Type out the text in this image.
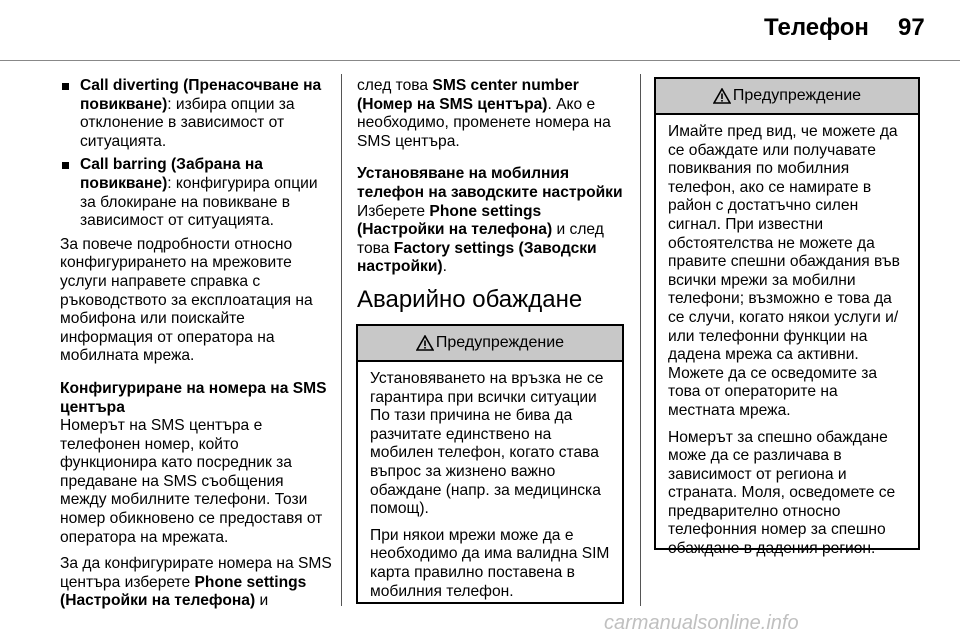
Телефон 97
Call diverting (Пренасочване на повикване): избира опции за отклонение в зависимост от ситуацията.
Call barring (Забрана на повикване): конфигурира опции за блокиране на повикване в зависимост от ситуацията.

За повече подробности относно конфигурирането на мрежовите услуги направете справка с ръководството за експлоатация на мобифона или поискайте информация от оператора на мобилната мрежа.

Конфигуриране на номера на SMS центъра

Номерът на SMS центъра е телефонен номер, който функционира като посредник за предаване на SMS съобщения между мобилните телефони. Този номер обикновено се предоставя от оператора на мрежата.

За да конфигурирате номера на SMS центъра изберете Phone settings (Настройки на телефона) и

след това SMS center number (Номер на SMS центъра). Ако е необходимо, променете номера на SMS центъра.

Установяване на мобилния телефон на заводските настройки

Изберете Phone settings (Настройки на телефона) и след това Factory settings (Заводски настройки).

Аварийно обаждане
Предупреждение

Установяването на връзка не се гарантира при всички ситуации По тази причина не бива да разчитате единствено на мобилен телефон, когато става въпрос за жизнено важно обаждане (напр. за медицинска помощ).

При някои мрежи може да е необходимо да има валидна SIM карта правилно поставена в мобилния телефон.

Предупреждение

Имайте пред вид, че можете да се обаждате или получавате повиквания по мобилния телефон, ако се намирате в район с достатъчно силен сигнал. При известни обстоятелства не можете да правите спешни обаждания във всички мрежи за мобилни телефони; възможно е това да се случи, когато някои услуги и/или телефонни функции на дадена мрежа са активни. Можете да се осведомите за това от операторите на местната мрежа.

Номерът за спешно обаждане може да се различава в зависимост от региона и страната. Моля, осведомете се предварително относно телефонния номер за спешно обаждане в дадения регион.

carmanualsonline.info
